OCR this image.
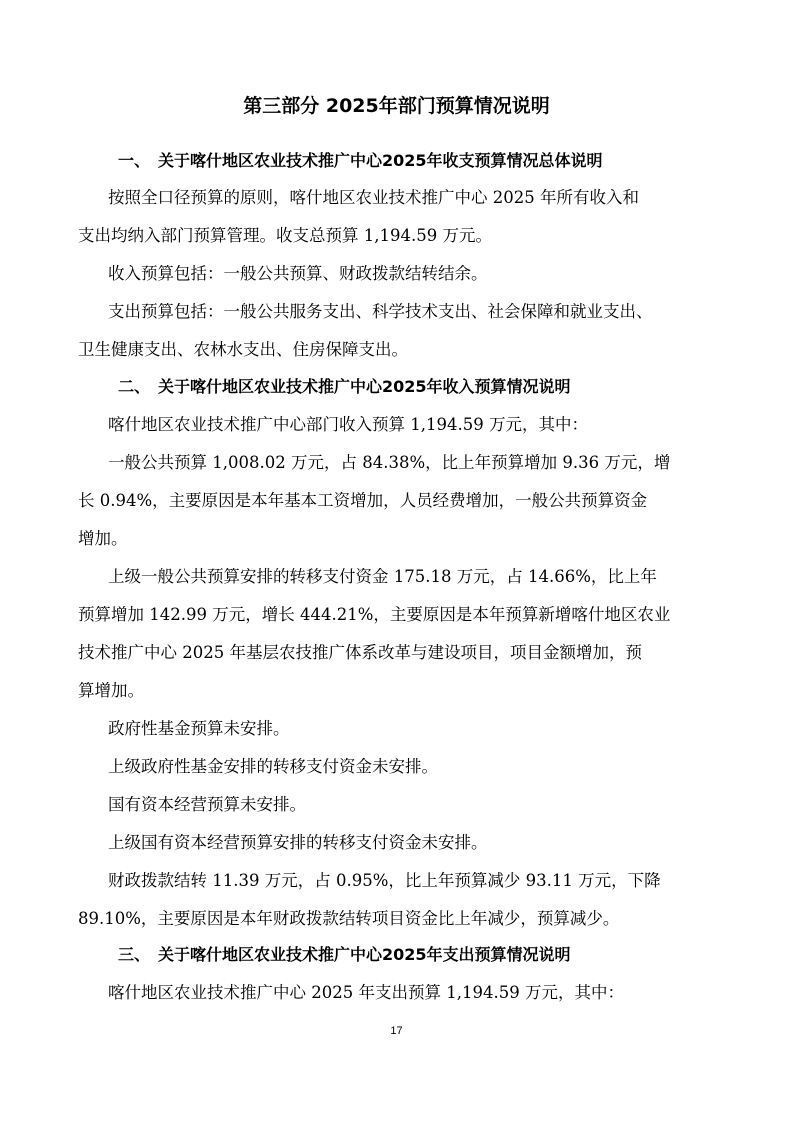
第三部分 2025年部门预算情况说明
一、 关于喀什地区农业技术推广中心2025年收支预算情况总体说明

按照全口径预算的原则，喀什地区农业技术推广中心 2025 年所有收入和

支出均纳入部门预算管理。收支总预算 1,194.59 万元。

收入预算包括：一般公共预算、财政拨款结转结余。

支出预算包括：一般公共服务支出、科学技术支出、社会保障和就业支出、

卫生健康支出、农林水支出、住房保障支出。

二、 关于喀什地区农业技术推广中心2025年收入预算情况说明

喀什地区农业技术推广中心部门收入预算 1,194.59 万元，其中：

一般公共预算 1,008.02 万元，占 84.38%，比上年预算增加 9.36 万元，增

长 0.94%，主要原因是本年基本工资增加，人员经费增加，一般公共预算资金

增加。

上级一般公共预算安排的转移支付资金 175.18 万元，占 14.66%，比上年

预算增加 142.99 万元，增长 444.21%，主要原因是本年预算新增喀什地区农业

技术推广中心 2025 年基层农技推广体系改革与建设项目，项目金额增加，预

算增加。

政府性基金预算未安排。

上级政府性基金安排的转移支付资金未安排。

国有资本经营预算未安排。

上级国有资本经营预算安排的转移支付资金未安排。

财政拨款结转 11.39 万元，占 0.95%，比上年预算减少 93.11 万元，下降

89.10%，主要原因是本年财政拨款结转项目资金比上年减少，预算减少。

三、 关于喀什地区农业技术推广中心2025年支出预算情况说明

喀什地区农业技术推广中心 2025 年支出预算 1,194.59 万元，其中：

17
